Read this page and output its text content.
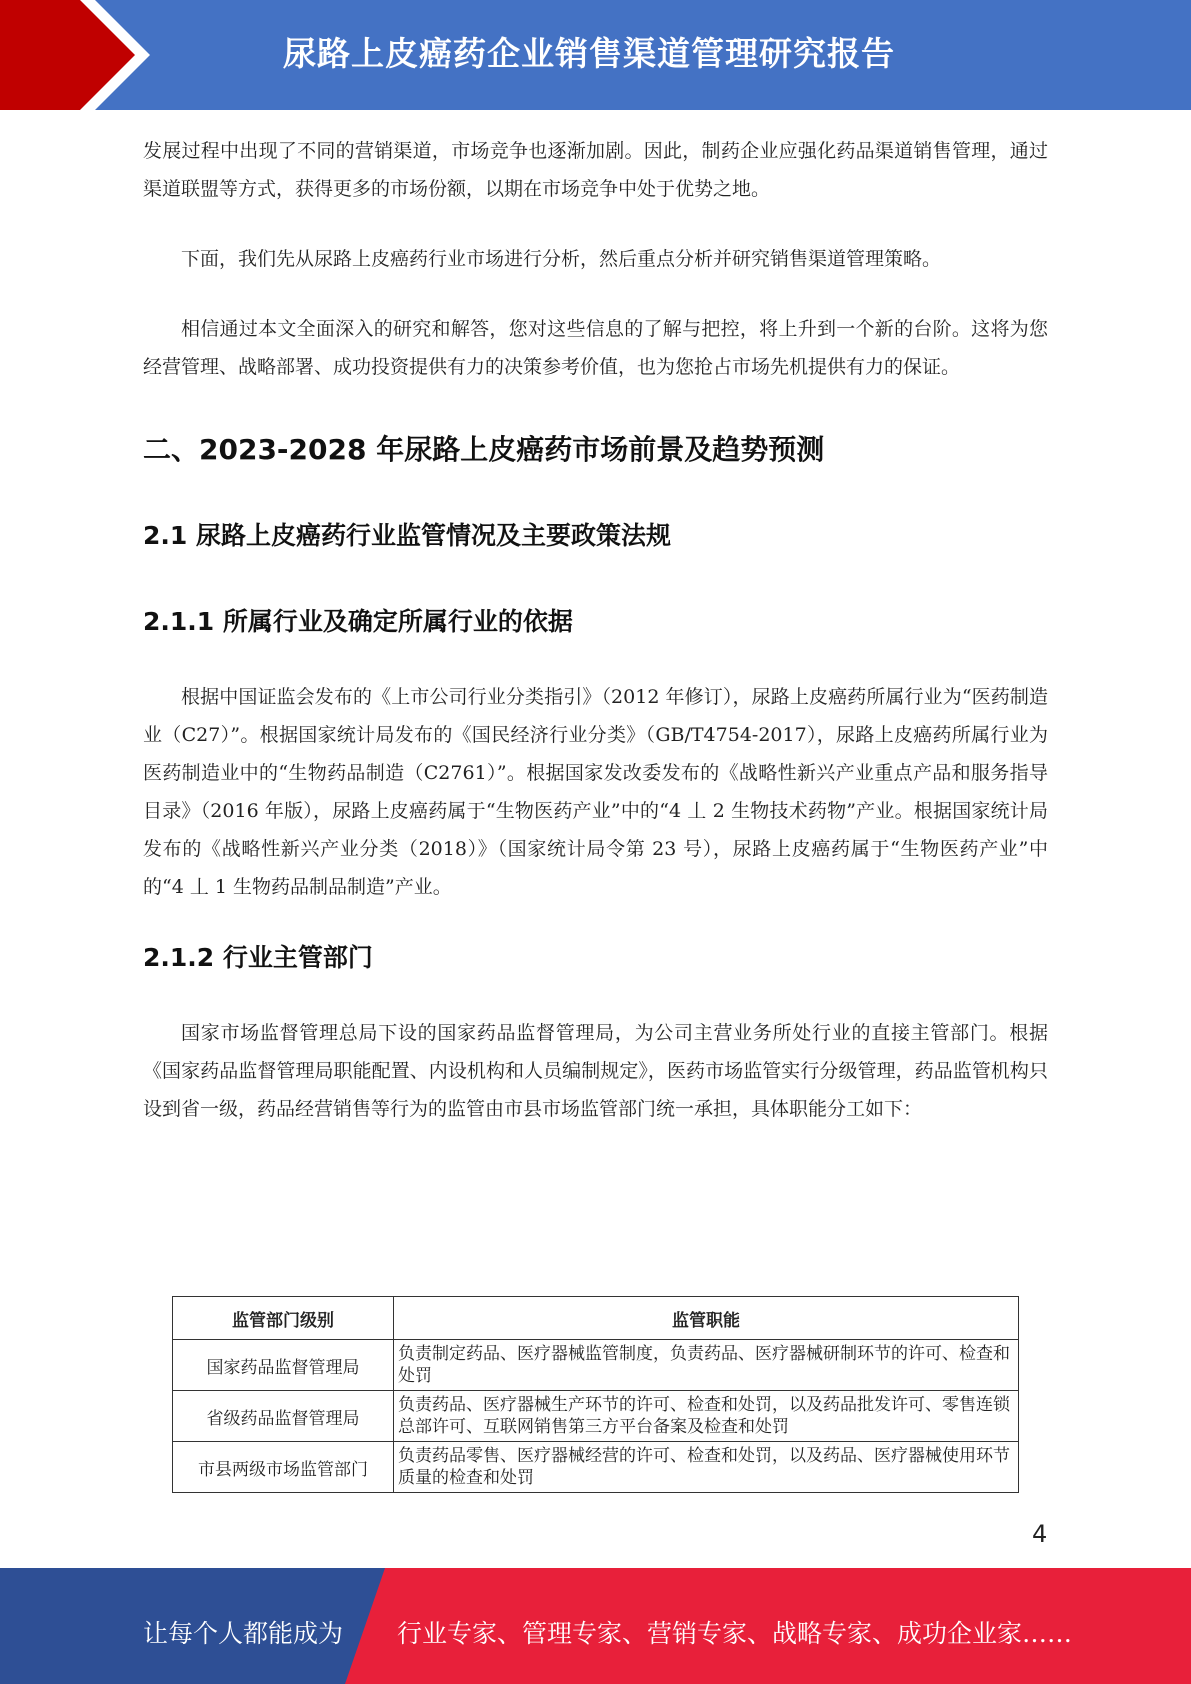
尿路上皮癌药企业销售渠道管理研究报告

发展过程中出现了不同的营销渠道，市场竞争也逐渐加剧。因此，制药企业应强化药品渠道销售管理，通过渠道联盟等方式，获得更多的市场份额，以期在市场竞争中处于优势之地。

下面，我们先从尿路上皮癌药行业市场进行分析，然后重点分析并研究销售渠道管理策略。

相信通过本文全面深入的研究和解答，您对这些信息的了解与把控，将上升到一个新的台阶。这将为您经营管理、战略部署、成功投资提供有力的决策参考价值，也为您抢占市场先机提供有力的保证。

二、2023-2028 年尿路上皮癌药市场前景及趋势预测
2.1 尿路上皮癌药行业监管情况及主要政策法规
2.1.1 所属行业及确定所属行业的依据

根据中国证监会发布的《上市公司行业分类指引》（2012 年修订），尿路上皮癌药所属行业为“医药制造业（C27）”。根据国家统计局发布的《国民经济行业分类》（GB/T4754-2017），尿路上皮癌药所属行业为医药制造业中的“生物药品制造（C2761）”。根据国家发改委发布的《战略性新兴产业重点产品和服务指导目录》（2016 年版），尿路上皮癌药属于“生物医药产业”中的“4 丄 2 生物技术药物”产业。根据国家统计局发布的《战略性新兴产业分类（2018）》（国家统计局令第 23 号），尿路上皮癌药属于“生物医药产业”中的“4 丄 1 生物药品制品制造”产业。

2.1.2 行业主管部门

国家市场监督管理总局下设的国家药品监督管理局，为公司主营业务所处行业的直接主管部门。根据《国家药品监督管理局职能配置、内设机构和人员编制规定》，医药市场监管实行分级管理，药品监管机构只设到省一级，药品经营销售等行为的监管由市县市场监管部门统一承担，具体职能分工如下：

监管部门级别	监管职能
国家药品监督管理局	负责制定药品、医疗器械监管制度，负责药品、医疗器械研制环节的许可、检查和处罚
省级药品监督管理局	负责药品、医疗器械生产环节的许可、检查和处罚，以及药品批发许可、零售连锁总部许可、互联网销售第三方平台备案及检查和处罚
市县两级市场监管部门	负责药品零售、医疗器械经营的许可、检查和处罚，以及药品、医疗器械使用环节质量的检查和处罚
4
让每个人都能成为 行业专家、管理专家、营销专家、战略专家、成功企业家……
